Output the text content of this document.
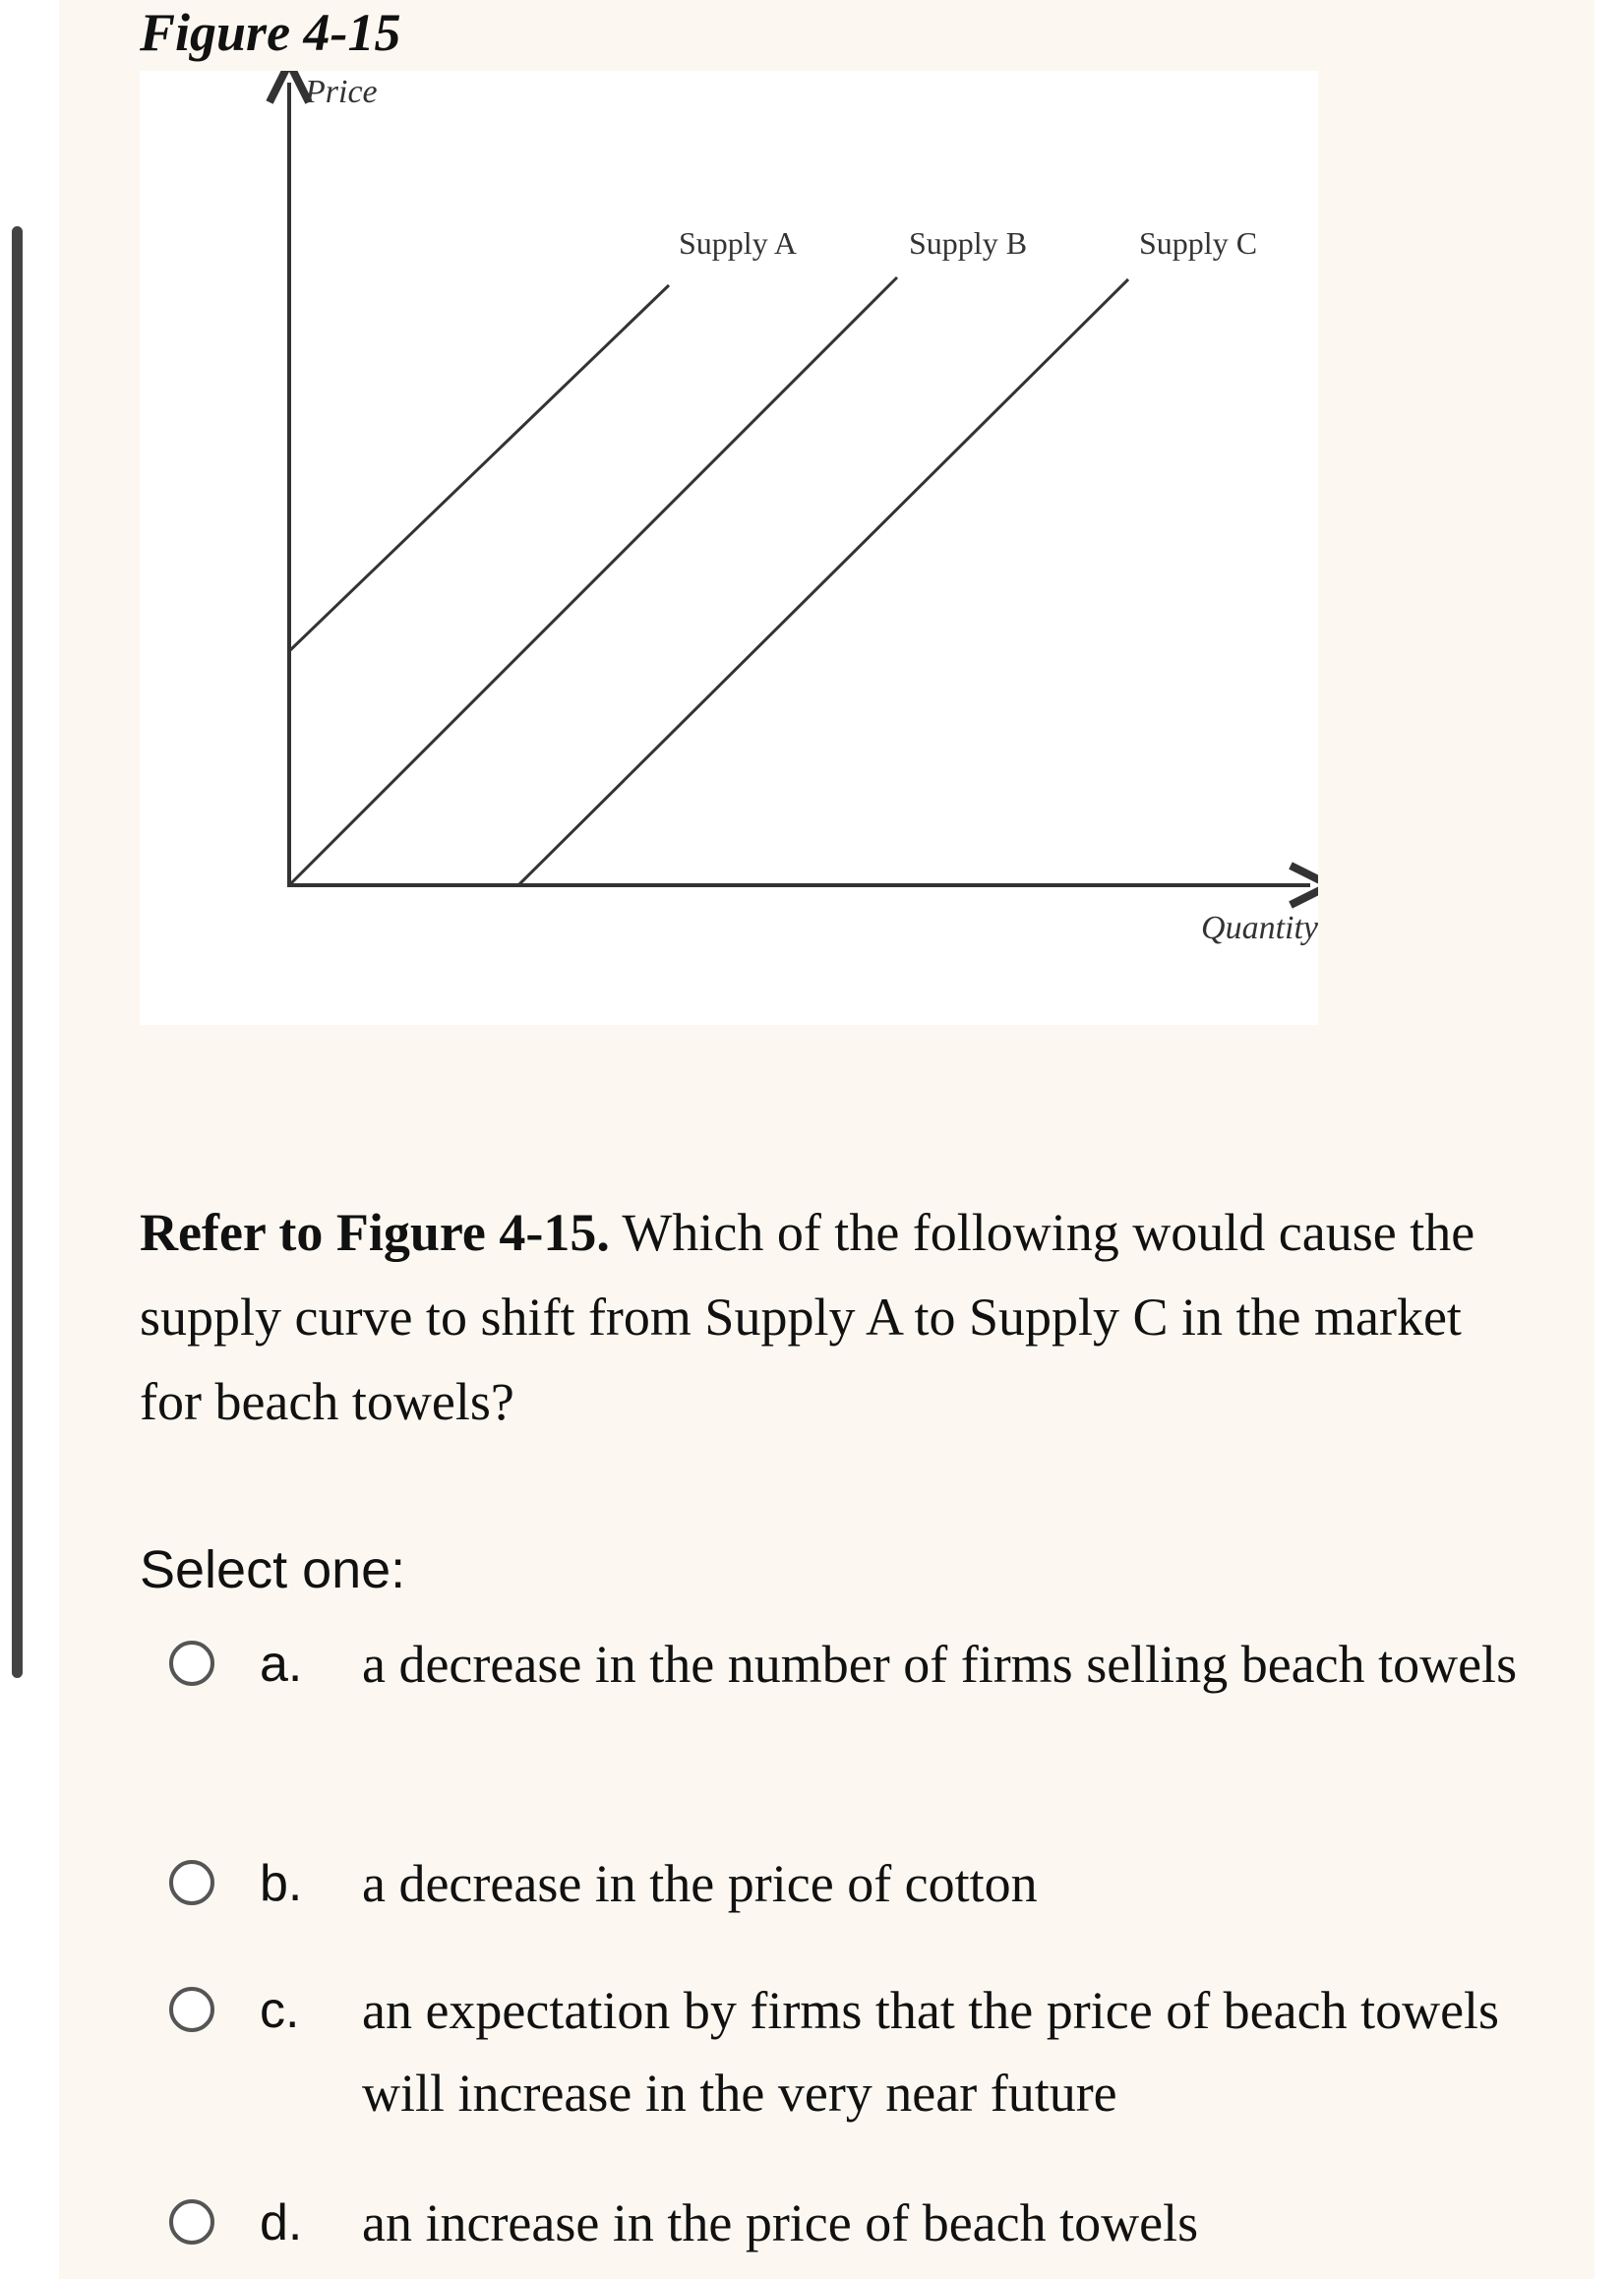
Figure 4-15
Price
Quantity
Supply A	Supply B	Supply C
Refer to Figure 4-15. Which of the following would cause the supply curve to shift from Supply A to Supply C in the market for beach towels?
Select one:
a. a decrease in the number of firms selling beach towels
b. a decrease in the price of cotton
c. an expectation by firms that the price of beach towels will increase in the very near future
d. an increase in the price of beach towels
